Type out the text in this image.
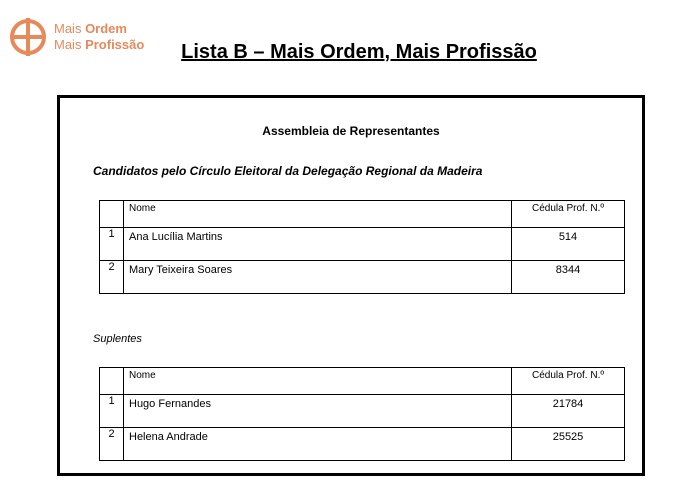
Mais Ordem
Mais Profissão	Lista B – Mais Ordem, Mais Profissão
Assembleia de Representantes
Candidatos pelo Círculo Eleitoral da Delegação Regional da Madeira
	Nome	Cédula Prof. N.º
1	Ana Lucília Martins	514
2	Mary Teixeira Soares	8344
Suplentes
	Nome	Cédula Prof. N.º
1	Hugo Fernandes	21784
2	Helena Andrade	25525
